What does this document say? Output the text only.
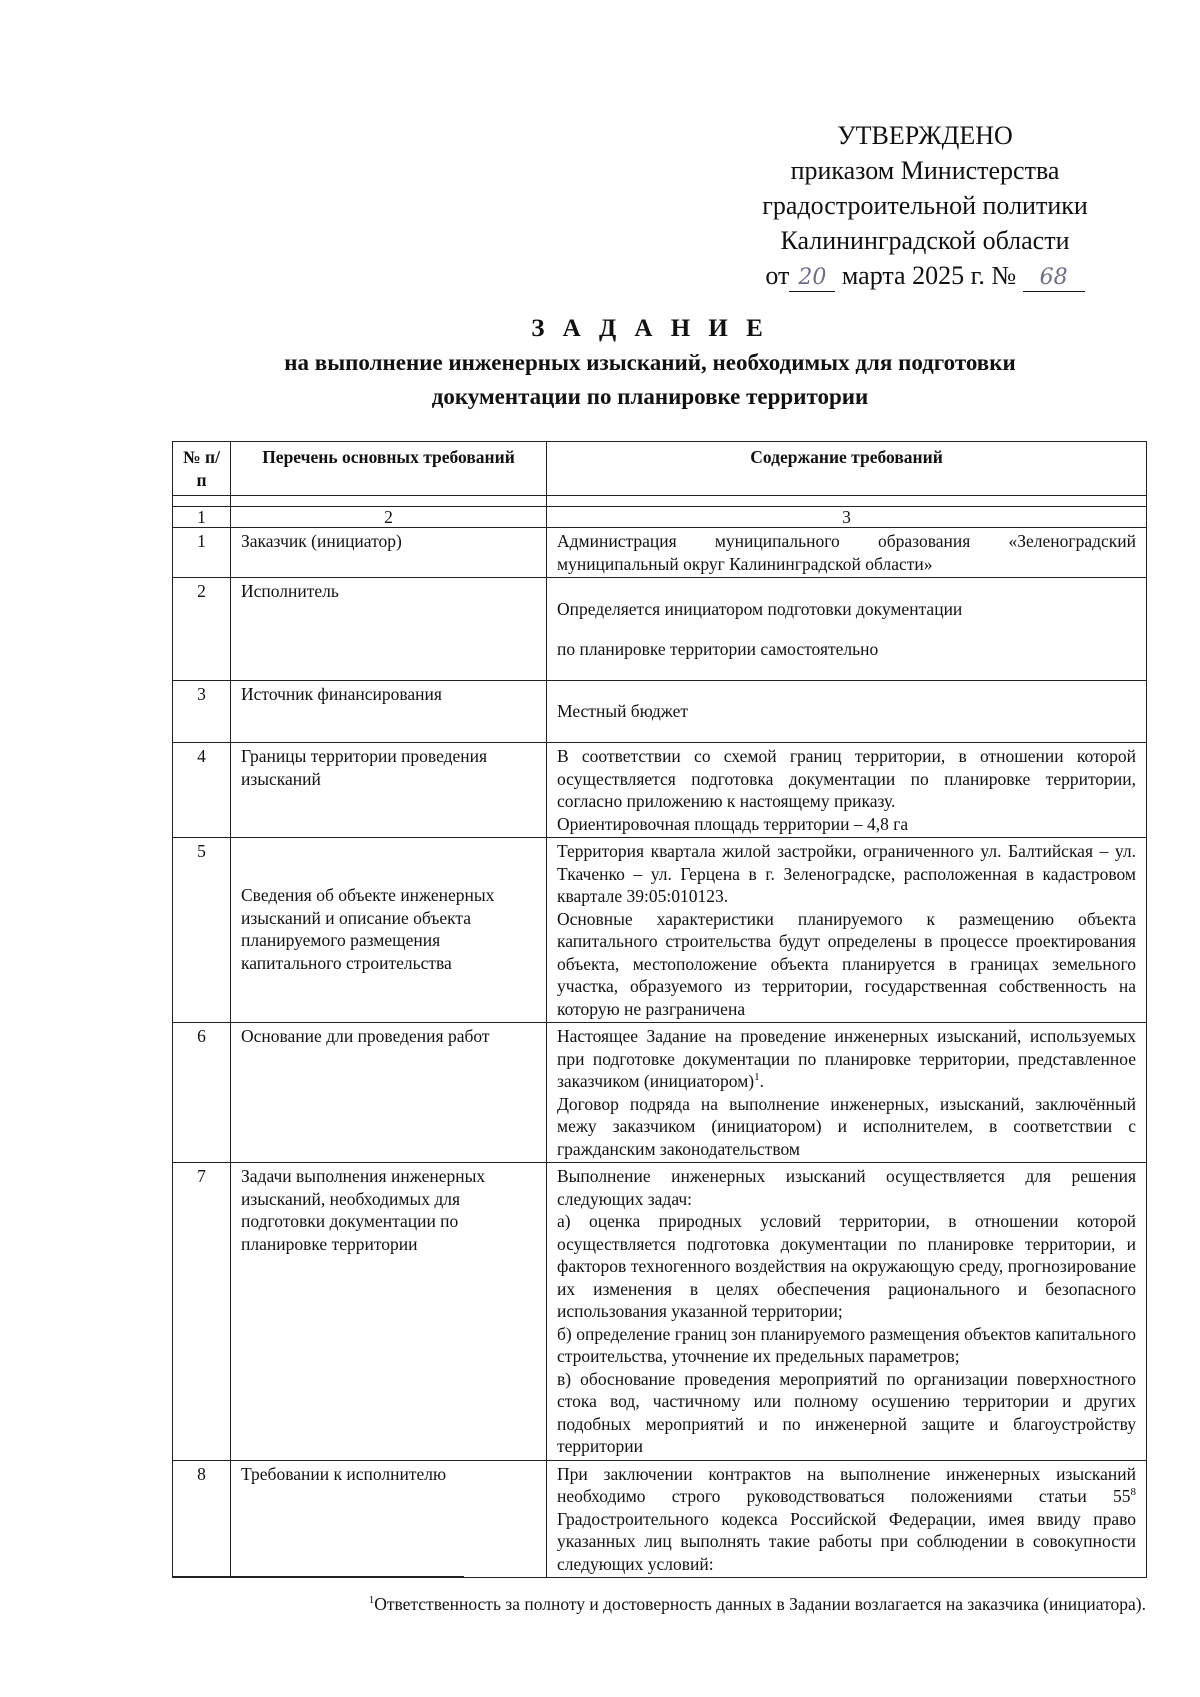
УТВЕРЖДЕНО
приказом Министерства
градостроительной политики
Калининградской области
от 20 марта 2025 г. № 68
З А Д А Н И Е
на выполнение инженерных изысканий, необходимых для подготовки
документации по планировке территории
№ п/п	Перечень основных требований	Содержание требований

1	2	3
1	Заказчик (инициатор)	Администрация муниципального образования «Зеленоградский муниципальный округ Калининградской области»

2	Исполнитель	Определяется инициатором подготовки документации

по планировке территории самостоятельно

3	Источник финансирования	Местный бюджет

4	Границы территории проведения изысканий	В соответствии со схемой границ территории, в отношении которой осуществляется подготовка документации по планировке территории, согласно приложению к настоящему приказу.

Ориентировочная площадь территории – 4,8 га

5	Сведения об объекте инженерных изысканий и описание объекта планируемого размещения капитального строительства	Территория квартала жилой застройки, ограниченного ул. Балтийская – ул. Ткаченко – ул. Герцена в г. Зеленоградске, расположенная в кадастровом квартале 39:05:010123.

Основные характеристики планируемого к размещению объекта капитального строительства будут определены в процессе проектирования объекта, местоположение объекта планируется в границах земельного участка, образуемого из территории, государственная собственность на которую не разграничена

6	Основание дли проведения работ	Настоящее Задание на проведение инженерных изысканий, используемых при подготовке документации по планировке территории, представленное заказчиком (инициатором)$^1$.

Договор подряда на выполнение инженерных, изысканий, заключённый межу заказчиком (инициатором) и исполнителем, в соответствии с гражданским законодательством

7	Задачи выполнения инженерных изысканий, необходимых для подготовки документации по планировке территории	Выполнение инженерных изысканий осуществляется для решения следующих задач:

а) оценка природных условий территории, в отношении которой осуществляется подготовка документации по планировке территории, и факторов техногенного воздействия на окружающую среду, прогнозирование их изменения в целях обеспечения рационального и безопасного использования указанной территории;

б) определение границ зон планируемого размещения объектов капитального строительства, уточнение их предельных параметров;

в) обоснование проведения мероприятий по организации поверхностного стока вод, частичному или полному осушению территории и других подобных мероприятий и по инженерной защите и благоустройству территории

8	Требовании к исполнителю	При заключении контрактов на выполнение инженерных изысканий необходимо строго руководствоваться положениями статьи $55^8$ Градостроительного кодекса Российской Федерации, имея ввиду право указанных лиц выполнять такие работы при соблюдении в совокупности следующих условий:

$^1$Ответственность за полноту и достоверность данных в Задании возлагается на заказчика (инициатора).
